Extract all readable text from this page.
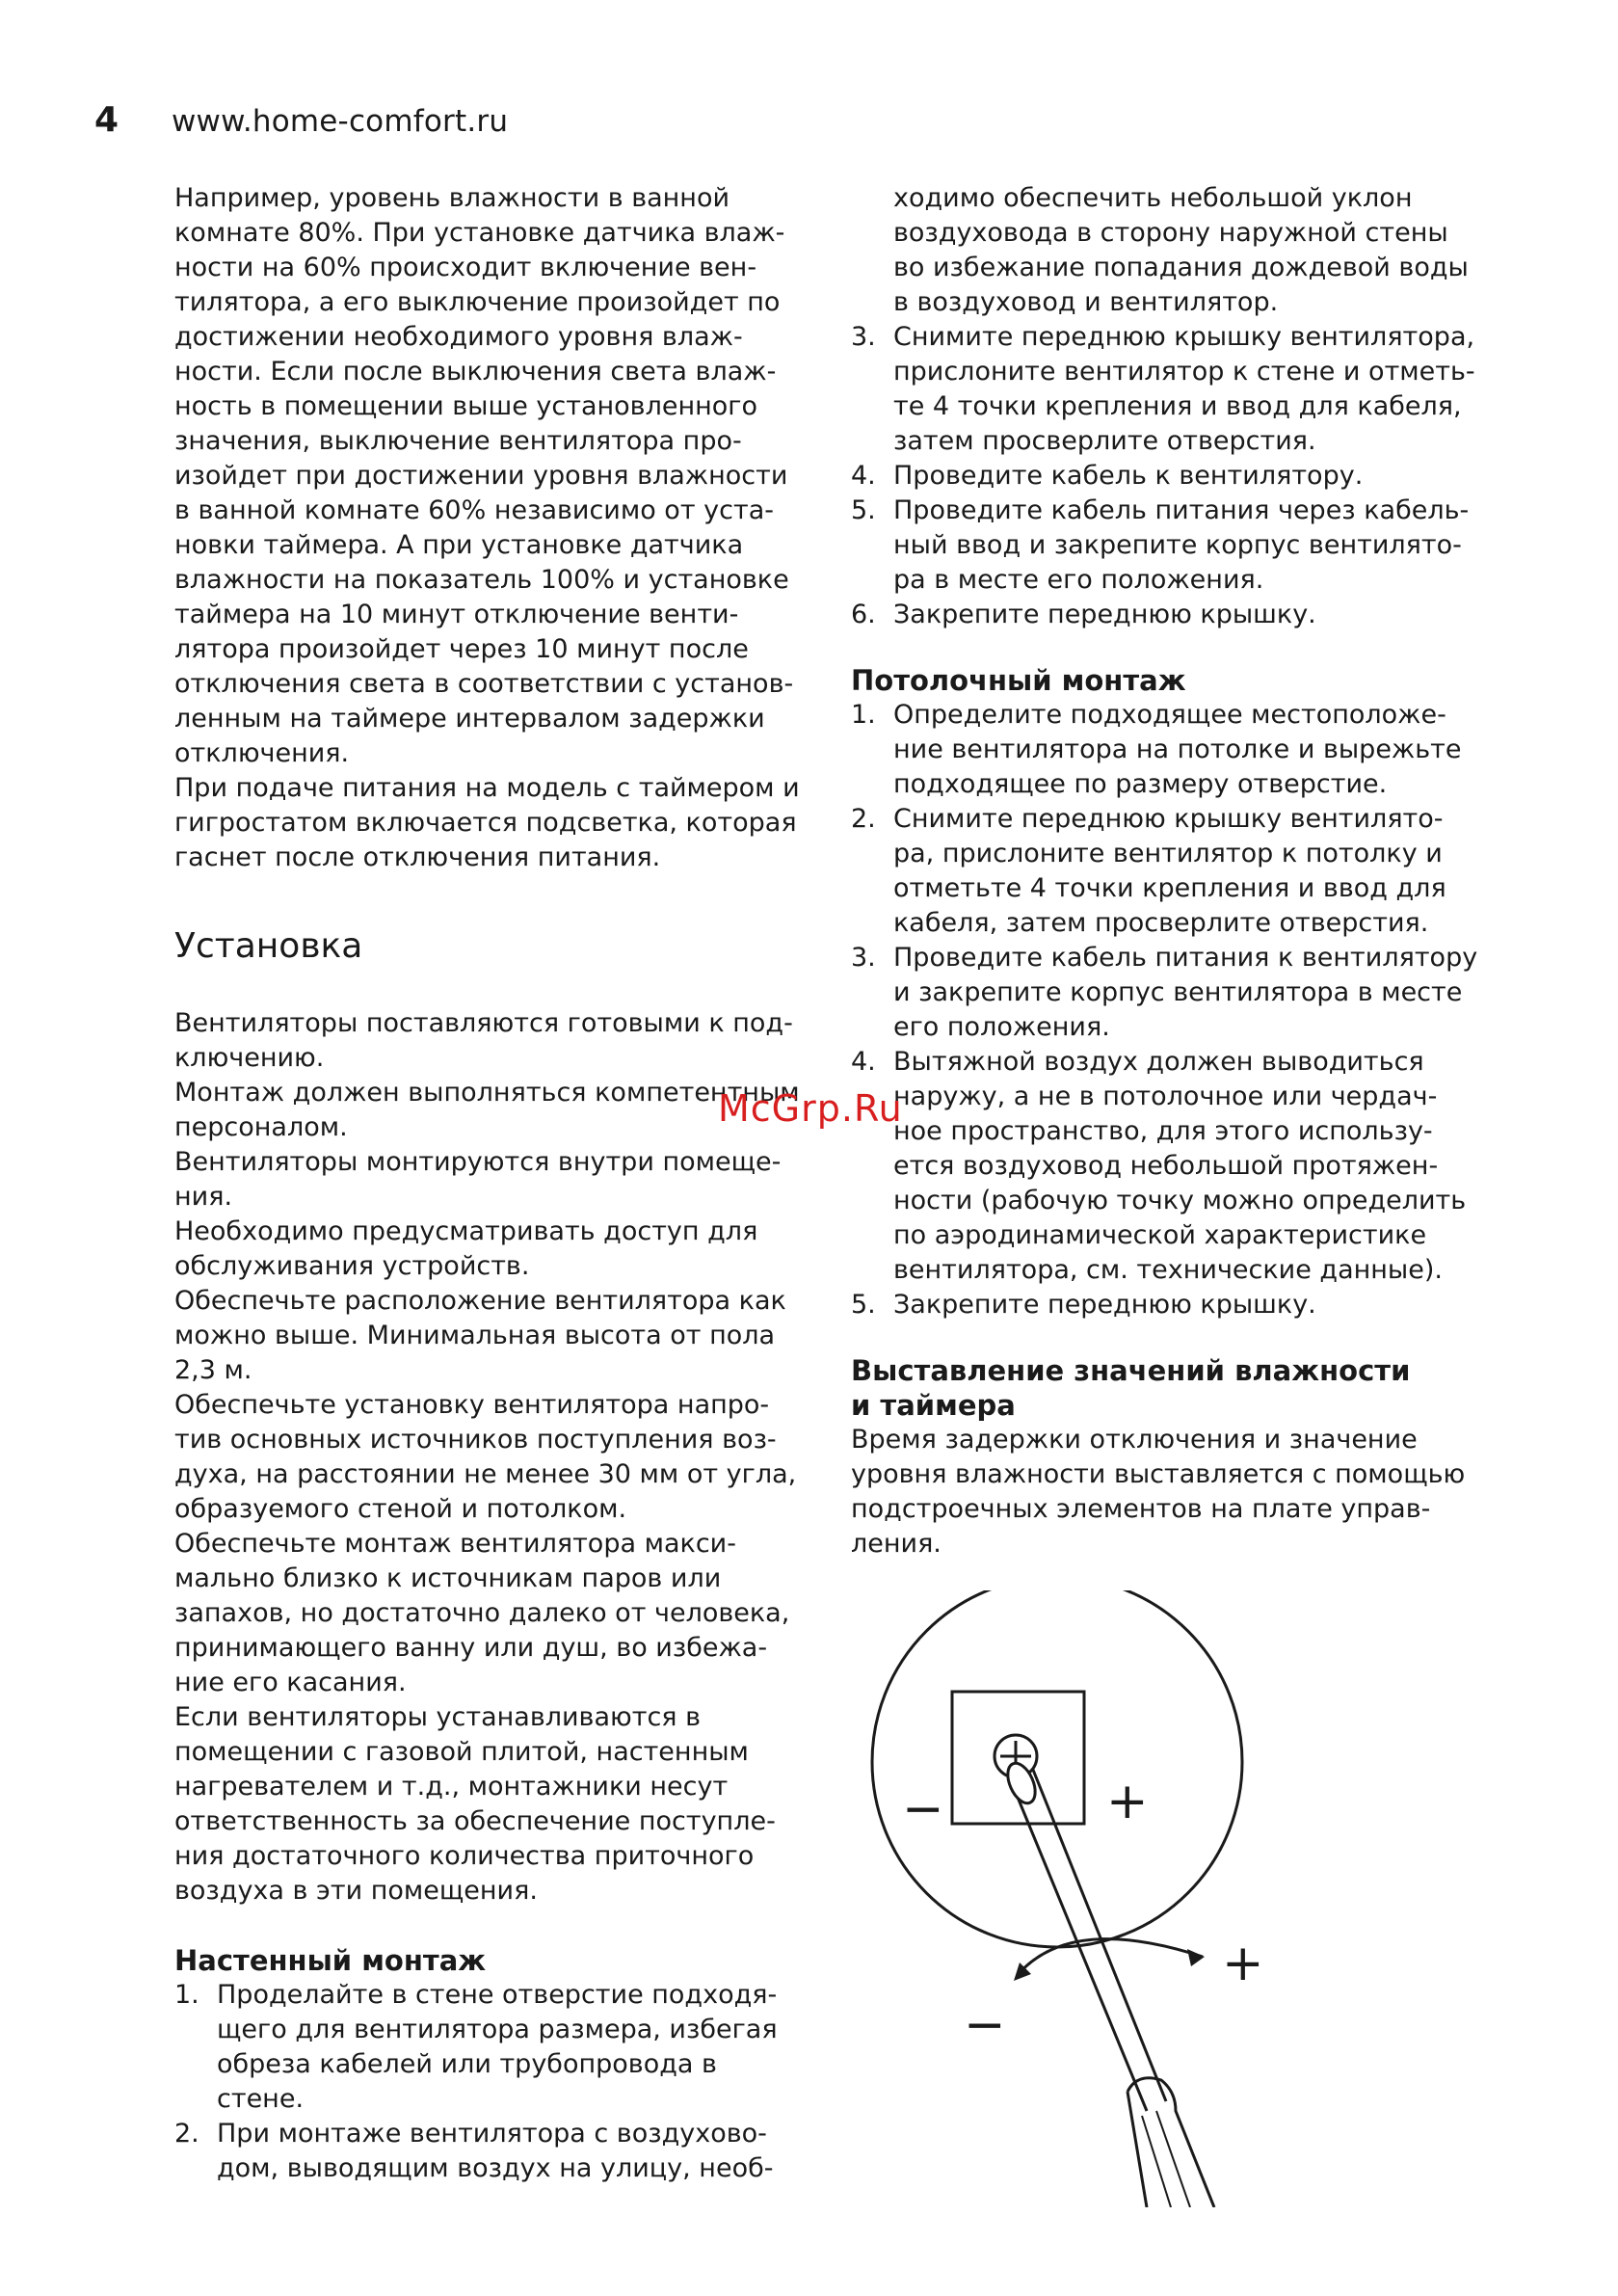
4 www.home-comfort.ru

Например, уровень влажности в ванной
комнате 80%. При установке датчика влаж-
ности на 60% происходит включение вен-
тилятора, а его выключение произойдет по
достижении необходимого уровня влаж-
ности. Если после выключения света влаж-
ность в помещении выше установленного
значения, выключение вентилятора про-
изойдет при достижении уровня влажности
в ванной комнате 60% независимо от уста-
новки таймера. А при установке датчика
влажности на показатель 100% и установке
таймера на 10 минут отключение венти-
лятора произойдет через 10 минут после
отключения света в соответствии с установ-
ленным на таймере интервалом задержки
отключения.

При подаче питания на модель с таймером и
гигростатом включается подсветка, которая
гаснет после отключения питания.

Установка

Вентиляторы поставляются готовыми к под-
ключению.

Монтаж должен выполняться компетентным
персоналом.

Вентиляторы монтируются внутри помеще-
ния.

Необходимо предусматривать доступ для
обслуживания устройств.

Обеспечьте расположение вентилятора как
можно выше. Минимальная высота от пола
2,3 м.

Обеспечьте установку вентилятора напро-
тив основных источников поступления воз-
духа, на расстоянии не менее 30 мм от угла,
образуемого стеной и потолком.

Обеспечьте монтаж вентилятора макси-
мально близко к источникам паров или
запахов, но достаточно далеко от человека,
принимающего ванну или душ, во избежа-
ние его касания.

Если вентиляторы устанавливаются в
помещении с газовой плитой, настенным
нагревателем и т.д., монтажники несут
ответственность за обеспечение поступле-
ния достаточного количества приточного
воздуха в эти помещения.

Настенный монтаж

1. Проделайте в стене отверстие подходя-
щего для вентилятора размера, избегая
обреза кабелей или трубопровода в
стене.
2. При монтаже вентилятора с воздухово-
дом, выводящим воздух на улицу, необ-

ходимо обеспечить небольшой уклон
воздуховода в сторону наружной стены
во избежание попадания дождевой воды
в воздуховод и вентилятор.

3. Снимите переднюю крышку вентилятора,
прислоните вентилятор к стене и отметь-
те 4 точки крепления и ввод для кабеля,
затем просверлите отверстия.
4. Проведите кабель к вентилятору.
5. Проведите кабель питания через кабель-
ный ввод и закрепите корпус вентилято-
ра в месте его положения.
6. Закрепите переднюю крышку.

Потолочный монтаж

1. Определите подходящее местоположе-
ние вентилятора на потолке и вырежьте
подходящее по размеру отверстие.
2. Снимите переднюю крышку вентилято-
ра, прислоните вентилятор к потолку и
отметьте 4 точки крепления и ввод для
кабеля, затем просверлите отверстия.
3. Проведите кабель питания к вентилятору
и закрепите корпус вентилятора в месте
его положения.
4. Вытяжной воздух должен выводиться
наружу, а не в потолочное или чердач-
ное пространство, для этого использу-
ется воздуховод небольшой протяжен-
ности (рабочую точку можно определить
по аэродинамической характеристике
вентилятора, см. технические данные).
5. Закрепите переднюю крышку.

Выставление значений влажности
и таймера

Время задержки отключения и значение
уровня влажности выставляется с помощью
подстроечных элементов на плате управ-
ления.

McGrp.Ru
−	+
+
−
